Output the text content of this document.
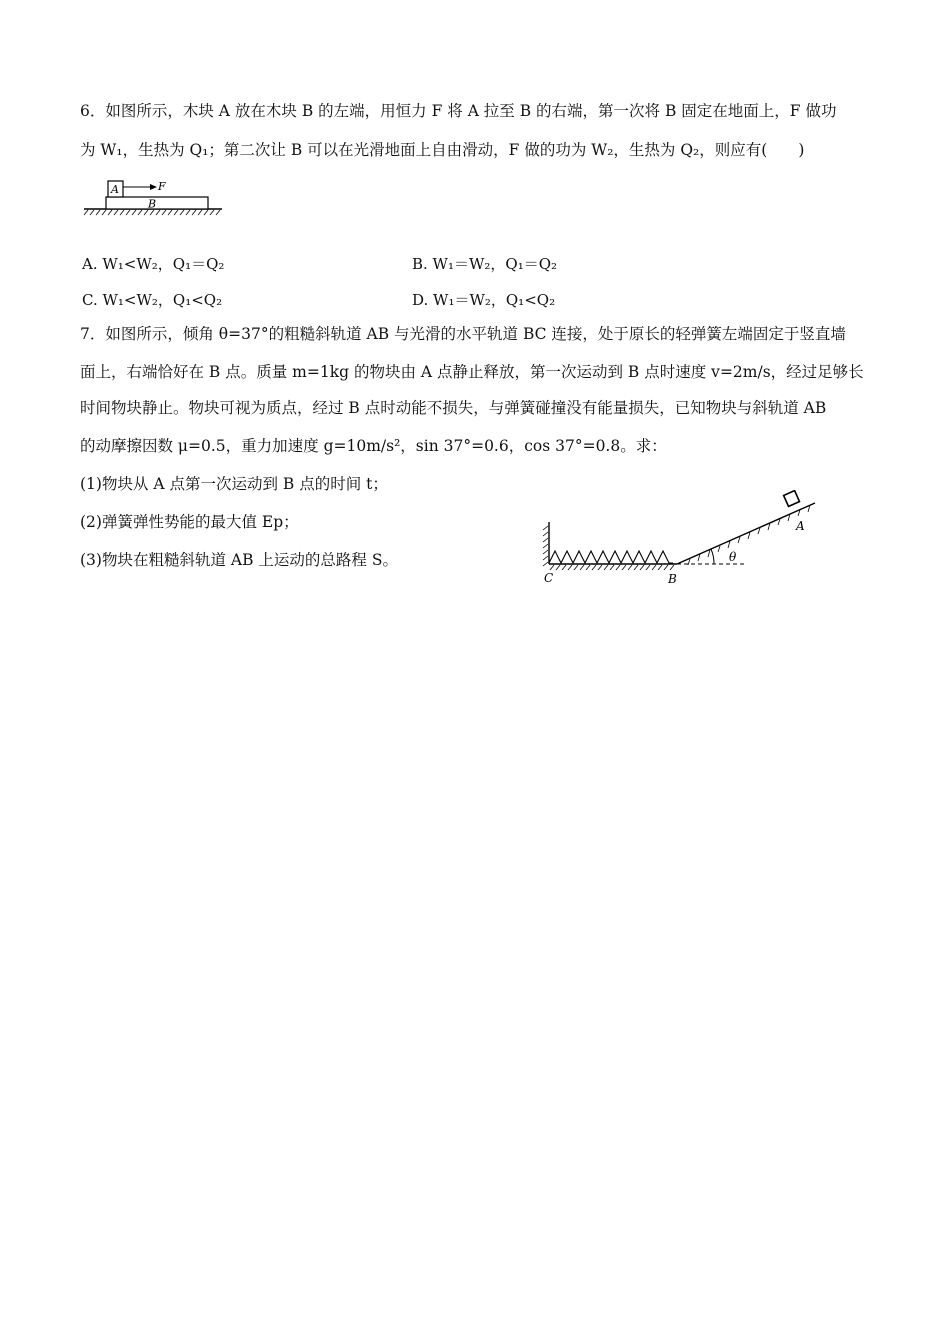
6．如图所示，木块 A 放在木块 B 的左端，用恒力 F 将 A 拉至 B 的右端，第一次将 B 固定在地面上，F 做功
为 W₁，生热为 Q₁；第二次让 B 可以在光滑地面上自由滑动，F 做的功为 W₂，生热为 Q₂，则应有(　　)
B
A	F
A. W₁<W₂，Q₁＝Q₂	B. W₁＝W₂，Q₁＝Q₂
C. W₁<W₂，Q₁<Q₂	D. W₁＝W₂，Q₁<Q₂
7．如图所示，倾角 θ=37°的粗糙斜轨道 AB 与光滑的水平轨道 BC 连接，处于原长的轻弹簧左端固定于竖直墙
面上，右端恰好在 B 点。质量 m=1kg 的物块由 A 点静止释放，第一次运动到 B 点时速度 v=2m/s，经过足够长
时间物块静止。物块可视为质点，经过 B 点时动能不损失，与弹簧碰撞没有能量损失，已知物块与斜轨道 AB
的动摩擦因数 μ=0.5，重力加速度 g=10m/s²，sin 37°=0.6，cos 37°=0.8。求：
(1)物块从 A 点第一次运动到 B 点的时间 t；
(2)弹簧弹性势能的最大值 Ep；
(3)物块在粗糙斜轨道 AB 上运动的总路程 S。	θ
A
B
C
